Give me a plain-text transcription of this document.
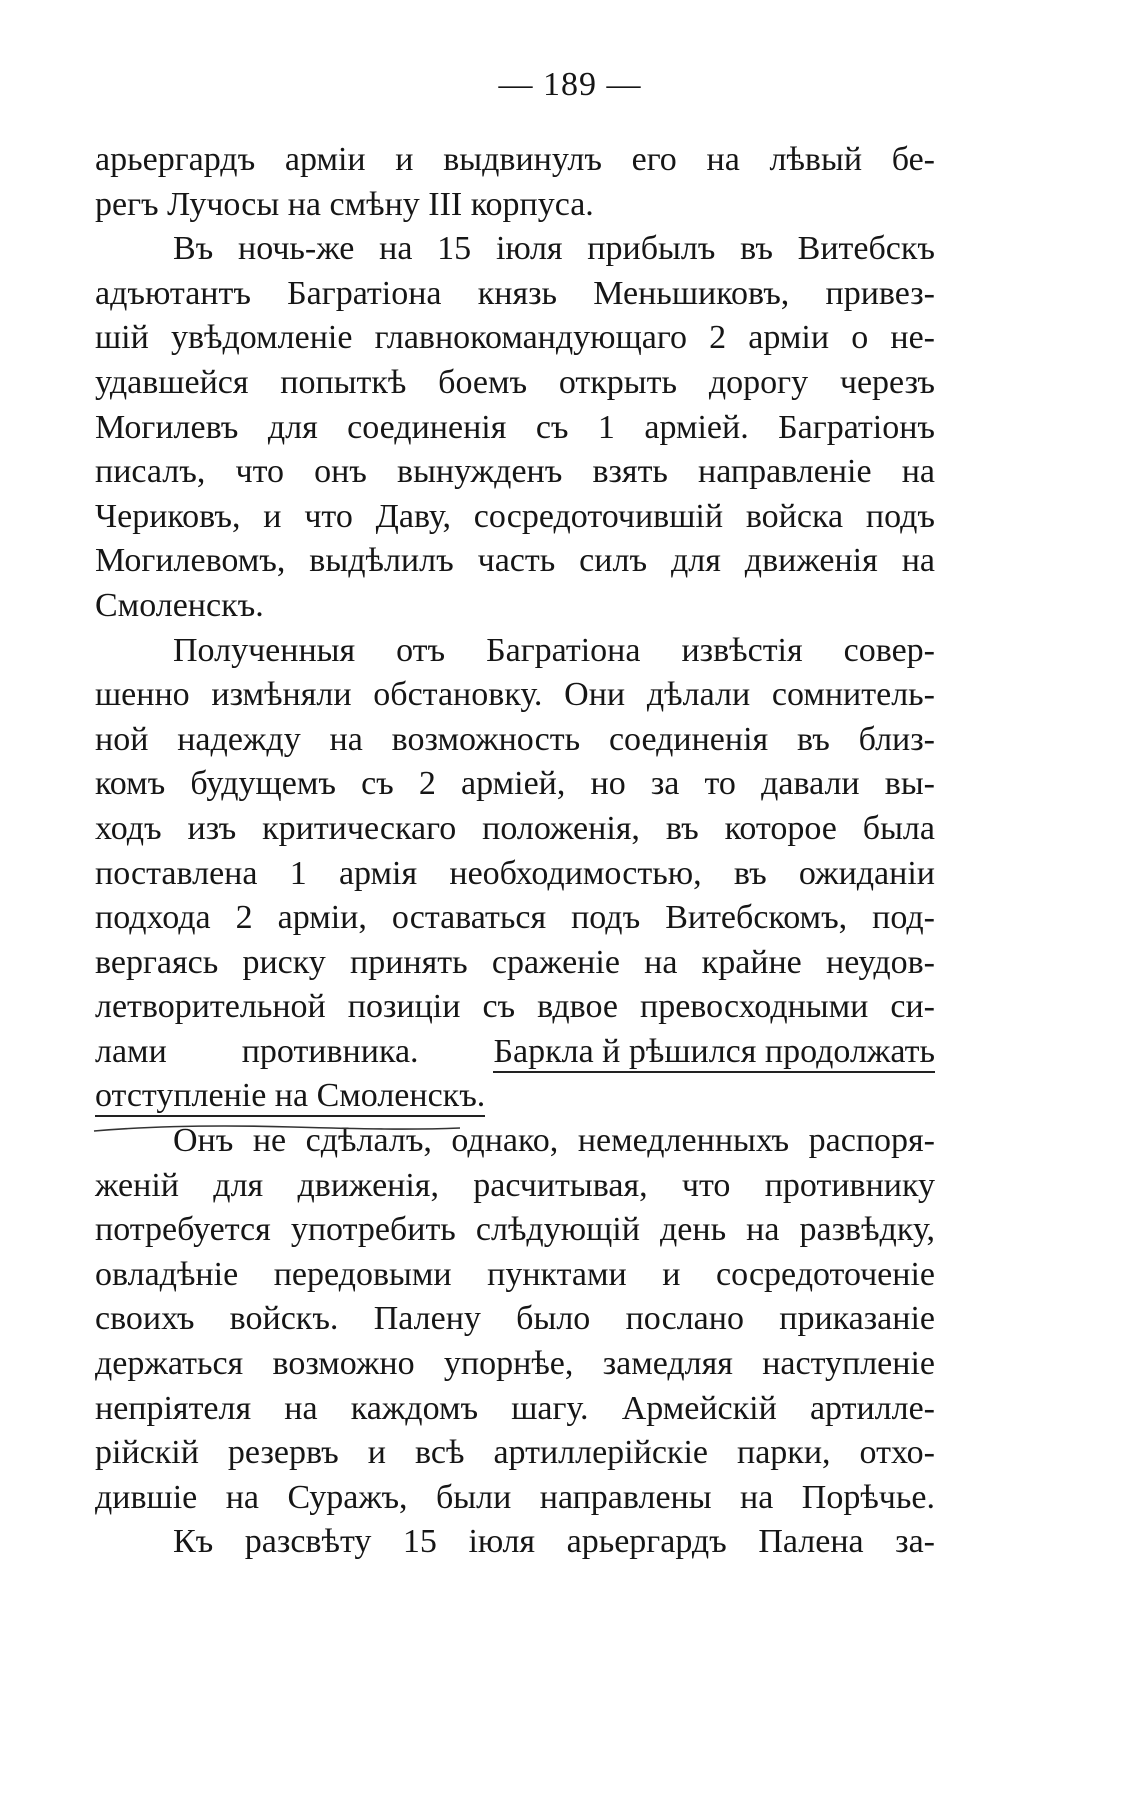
— 189 —
арьергардъ арміи и выдвинулъ его на лѣвый бе-
регъ Лучосы на смѣну III корпуса.
Въ ночь-же на 15 іюля прибылъ въ Витебскъ
адъютантъ Багратіона князь Меньшиковъ, привез-
шій увѣдомленіе главнокомандующаго 2 арміи о не-
удавшейся попыткѣ боемъ открыть дорогу черезъ
Могилевъ для соединенія съ 1 арміей. Багратіонъ
писалъ, что онъ вынужденъ взять направленіе на
Чериковъ, и что Даву, сосредоточившій войска подъ
Могилевомъ, выдѣлилъ часть силъ для движенія на
Смоленскъ.
Полученныя отъ Багратіона извѣстія совер-
шенно измѣняли обстановку. Они дѣлали сомнитель-
ной надежду на возможность соединенія въ близ-
комъ будущемъ съ 2 арміей, но за то давали вы-
ходъ изъ критическаго положенія, въ которое была
поставлена 1 армія необходимостью, въ ожиданіи
подхода 2 арміи, оставаться подъ Витебскомъ, под-
вергаясь риску принять сраженіе на крайне неудов-
летворительной позиціи съ вдвое превосходными си-
лами противника. Баркла й рѣшился продолжать
отступленіе на Смоленскъ.
Онъ не сдѣлалъ, однако, немедленныхъ распоря-
женій для движенія, расчитывая, что противнику
потребуется употребить слѣдующій день на развѣдку,
овладѣніе передовыми пунктами и сосредоточеніе
своихъ войскъ. Палену было послано приказаніе
держаться возможно упорнѣе, замедляя наступленіе
непріятеля на каждомъ шагу. Армейскій артилле-
рійскій резервъ и всѣ артиллерійскіе парки, отхо-
дившіе на Суражъ, были направлены на Порѣчье.
Къ разсвѣту 15 іюля арьергардъ Палена за-
